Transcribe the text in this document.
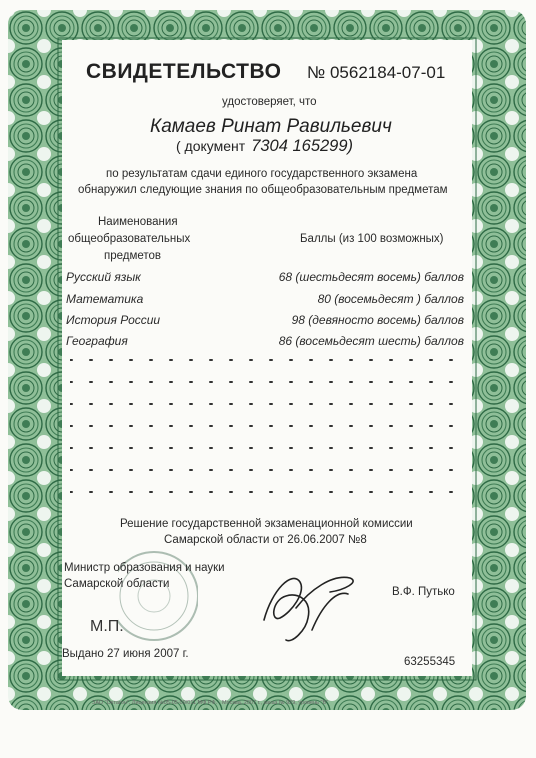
СВИДЕТЕЛЬСТВО № 0562184-07-01
удостоверяет, что
Камаев Ринат Равильевич
( документ 7304 165299)
по результатам сдачи единого государственного экзамена
обнаружил следующие знания по общеобразовательным предметам
Наименования
общеобразовательных
предметов
Баллы (из 100 возможных)
Русский язык	68 (шестьдесят восемь) баллов
Математика	80 (восемьдесят ) баллов
История России	98 (девяносто восемь) баллов
География	86 (восемьдесят шесть) баллов
Решение государственной экзаменационной комиссии
Самарской области от 26.06.2007 №8
Министр образования и науки
Самарской области
В.Ф. Путько
М.П.
Выдано 27 июня 2007 г.
63255345
ЗАО "Октагон", Лицензия №05-05-09/011 МФ РФ. - Москва, 2007 г., заказ № 929, уровень "В"
